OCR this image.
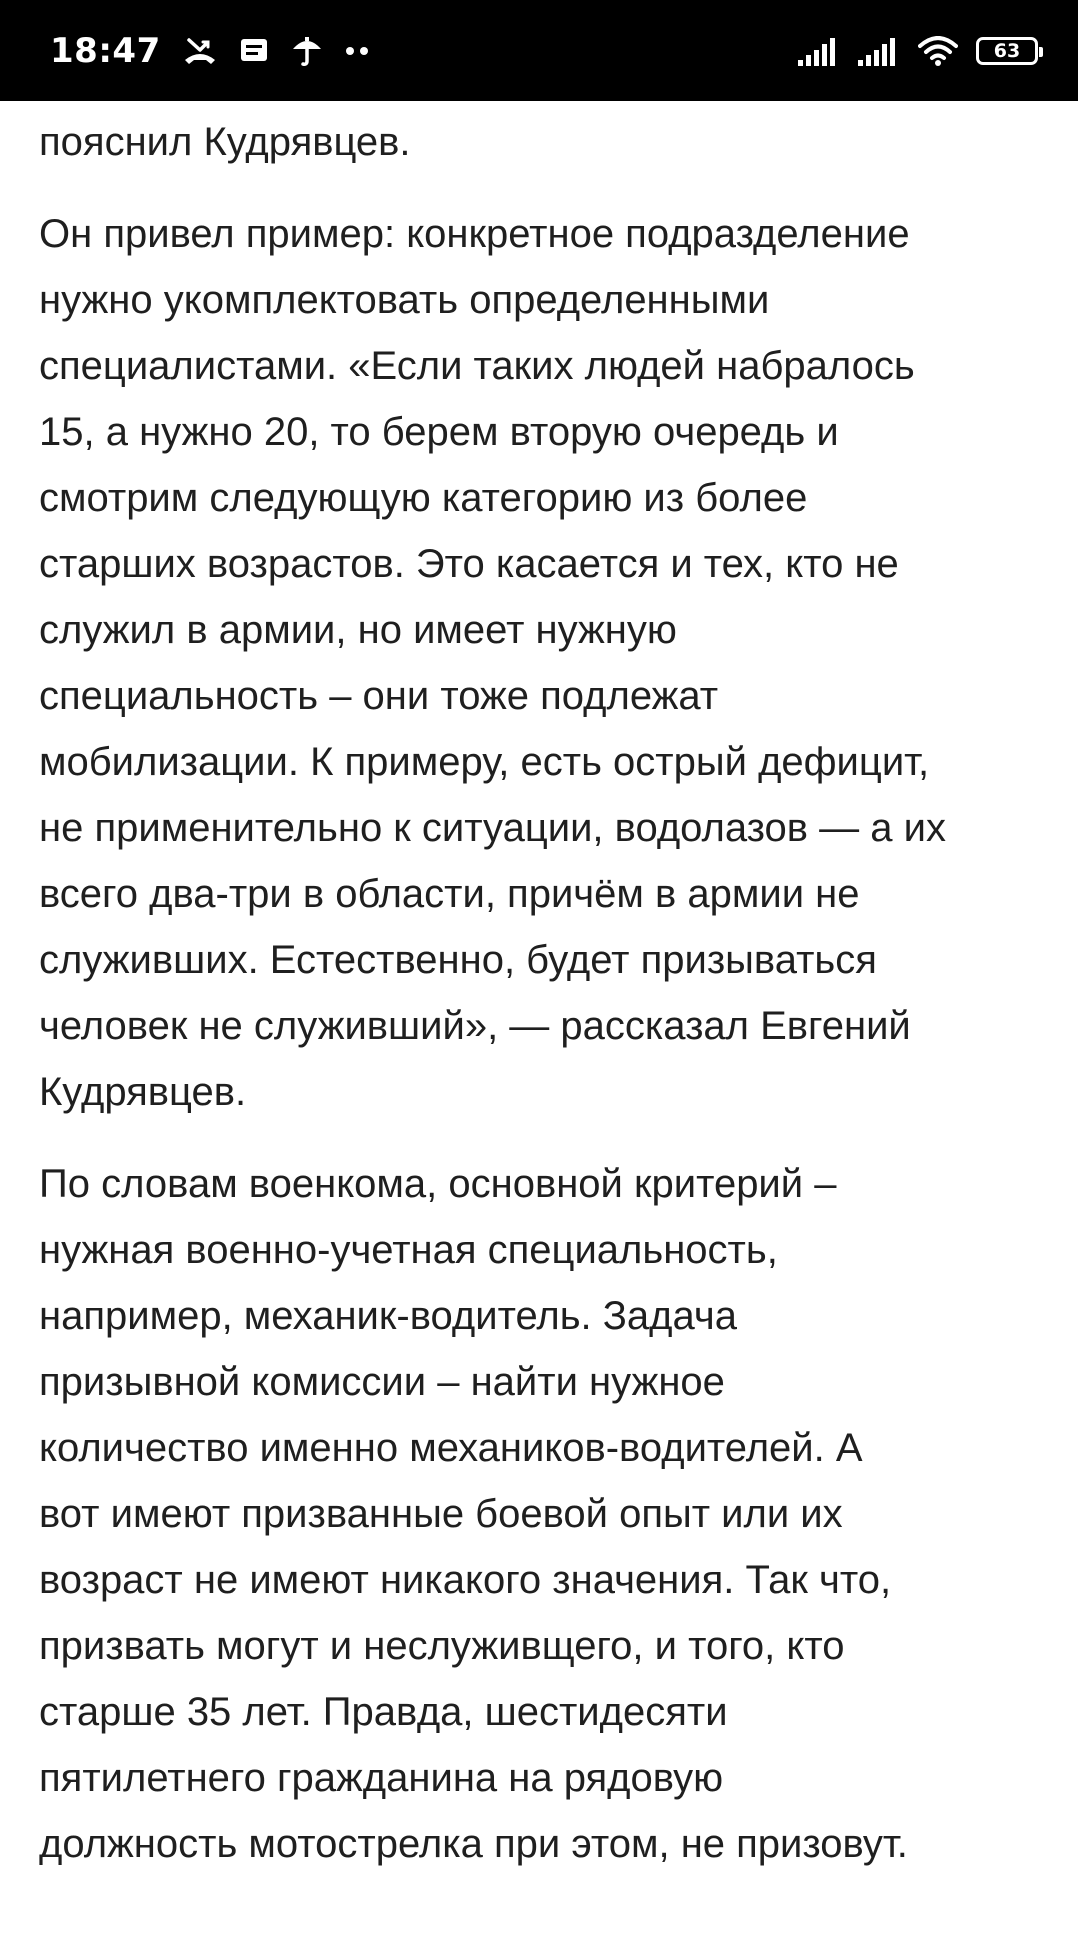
18:47	63

пояснил Кудрявцев.

Он привел пример: конкретное подразделение
нужно укомплектовать определенными
специалистами. «Если таких людей набралось
15, а нужно 20, то берем вторую очередь и
смотрим следующую категорию из более
старших возрастов. Это касается и тех, кто не
служил в армии, но имеет нужную
специальность – они тоже подлежат
мобилизации. К примеру, есть острый дефицит,
не применительно к ситуации, водолазов — а их
всего два-три в области, причём в армии не
служивших. Естественно, будет призываться
человек не служивший», — рассказал Евгений
Кудрявцев.

По словам военкома, основной критерий –
нужная военно-учетная специальность,
например, механик-водитель. Задача
призывной комиссии – найти нужное
количество именно механиков-водителей. А
вот имеют призванные боевой опыт или их
возраст не имеют никакого значения. Так что,
призвать могут и неслуживщего, и того, кто
старше 35 лет. Правда, шестидесяти
пятилетнего гражданина на рядовую
должность мотострелка при этом, не призовут.
